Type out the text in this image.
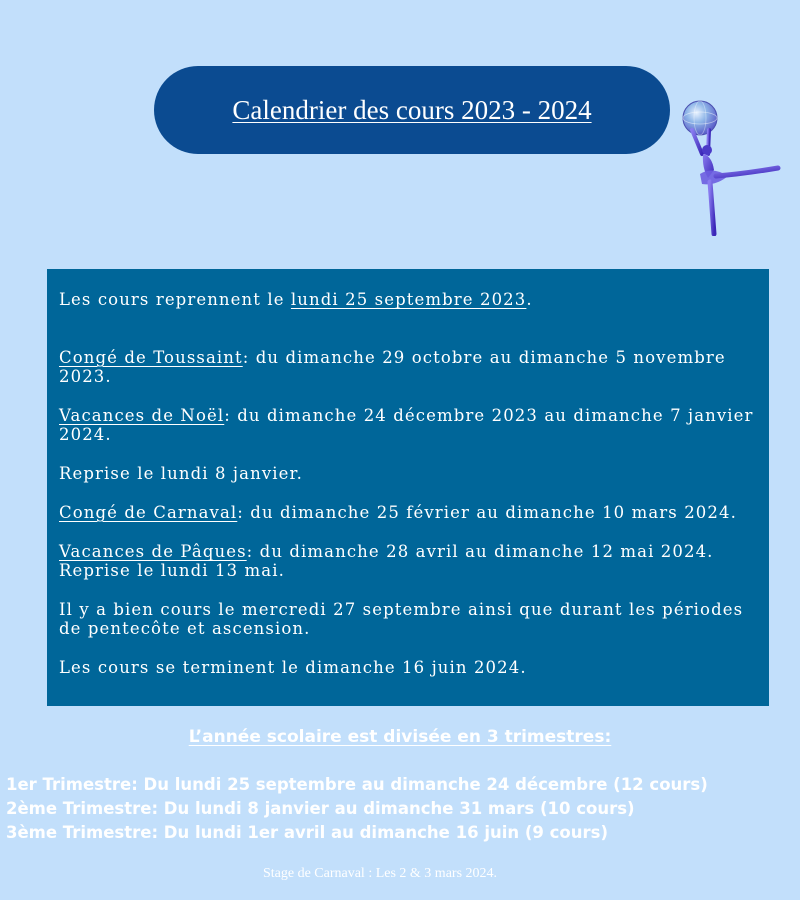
Calendrier des cours 2023 - 2024

Les cours reprennent le lundi 25 septembre 2023.

Congé de Toussaint: du dimanche 29 octobre au dimanche 5 novembre 2023.

Vacances de Noël: du dimanche 24 décembre 2023 au dimanche 7 janvier 2024.

Reprise le lundi 8 janvier.

Congé de Carnaval: du dimanche 25 février au dimanche 10 mars 2024.

Vacances de Pâques: du dimanche 28 avril au dimanche 12 mai 2024. Reprise le lundi 13 mai.

Il y a bien cours le mercredi 27 septembre ainsi que durant les périodes de pentecôte et ascension.

Les cours se terminent le dimanche 16 juin 2024.

L’année scolaire est divisée en 3 trimestres:
1er Trimestre: Du lundi 25 septembre au dimanche 24 décembre (12 cours)
2ème Trimestre: Du lundi 8 janvier au dimanche 31 mars (10 cours)
3ème Trimestre: Du lundi 1er avril au dimanche 16 juin (9 cours)
Stage de Carnaval : Les 2 & 3 mars 2024.
